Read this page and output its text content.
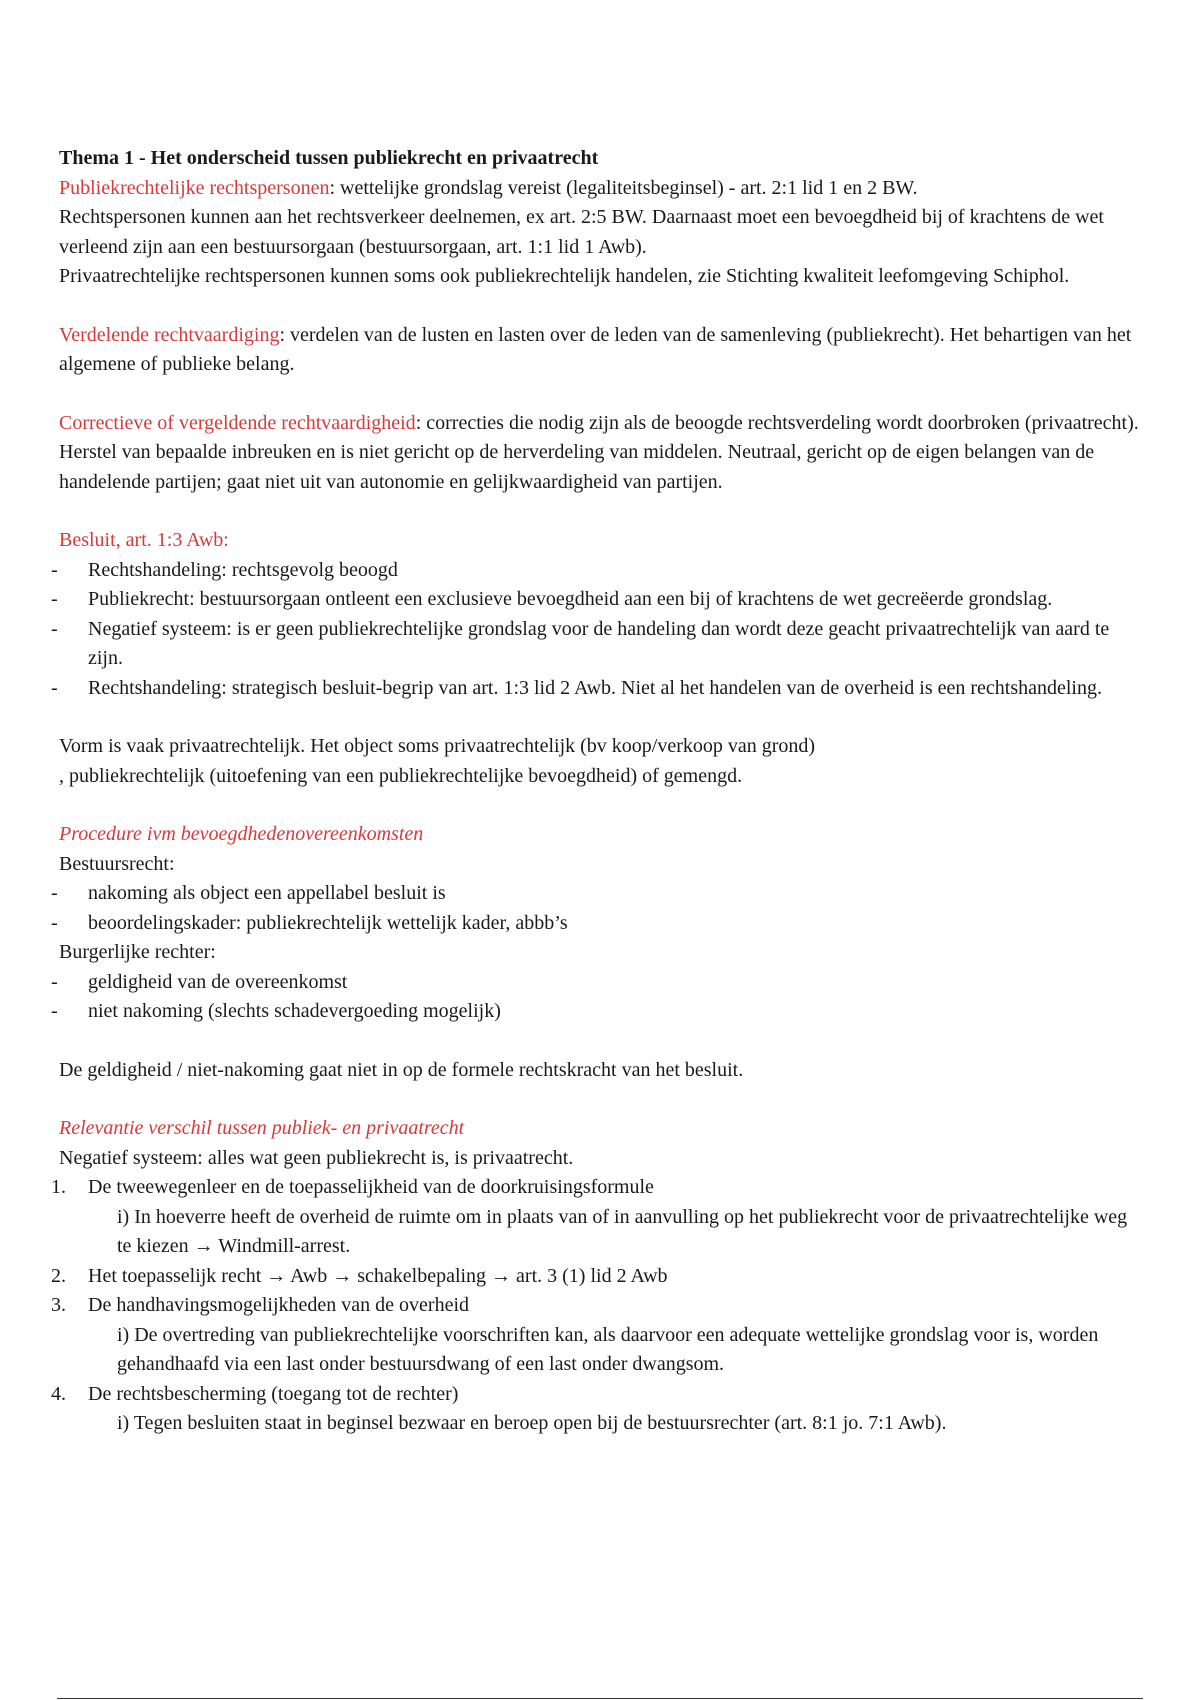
Thema 1 - Het onderscheid tussen publiekrecht en privaatrecht

Publiekrechtelijke rechtspersonen: wettelijke grondslag vereist (legaliteitsbeginsel) - art. 2:1 lid 1 en 2 BW.

Rechtspersonen kunnen aan het rechtsverkeer deelnemen, ex art. 2:5 BW. Daarnaast moet een bevoegdheid bij of krachtens de wet verleend zijn aan een bestuursorgaan (bestuursorgaan, art. 1:1 lid 1 Awb).

Privaatrechtelijke rechtspersonen kunnen soms ook publiekrechtelijk handelen, zie Stichting kwaliteit leefomgeving Schiphol.

Verdelende rechtvaardiging: verdelen van de lusten en lasten over de leden van de samenleving (publiekrecht). Het behartigen van het algemene of publieke belang.

Correctieve of vergeldende rechtvaardigheid: correcties die nodig zijn als de beoogde rechtsverdeling wordt doorbroken (privaatrecht). Herstel van bepaalde inbreuken en is niet gericht op de herverdeling van middelen. Neutraal, gericht op de eigen belangen van de handelende partijen; gaat niet uit van autonomie en gelijkwaardigheid van partijen.

Besluit, art. 1:3 Awb:

- Rechtshandeling: rechtsgevolg beoogd
- Publiekrecht: bestuursorgaan ontleent een exclusieve bevoegdheid aan een bij of krachtens de wet gecreëerde grondslag.
- Negatief systeem: is er geen publiekrechtelijke grondslag voor de handeling dan wordt deze geacht privaatrechtelijk van aard te zijn.
- Rechtshandeling: strategisch besluit-begrip van art. 1:3 lid 2 Awb. Niet al het handelen van de overheid is een rechtshandeling.

Vorm is vaak privaatrechtelijk. Het object soms privaatrechtelijk (bv koop/verkoop van grond)

, publiekrechtelijk (uitoefening van een publiekrechtelijke bevoegdheid) of gemengd.

Procedure ivm bevoegdhedenovereenkomsten

Bestuursrecht:

- nakoming als object een appellabel besluit is
- beoordelingskader: publiekrechtelijk wettelijk kader, abbb’s

Burgerlijke rechter:

- geldigheid van de overeenkomst
- niet nakoming (slechts schadevergoeding mogelijk)

De geldigheid / niet-nakoming gaat niet in op de formele rechtskracht van het besluit.

Relevantie verschil tussen publiek- en privaatrecht

Negatief systeem: alles wat geen publiekrecht is, is privaatrecht.

1. De tweewegenleer en de toepasselijkheid van de doorkruisingsformule
i) In hoeverre heeft de overheid de ruimte om in plaats van of in aanvulling op het publiekrecht voor de privaatrechtelijke weg te kiezen → Windmill-arrest.
2. Het toepasselijk recht → Awb → schakelbepaling → art. 3 (1) lid 2 Awb
3. De handhavingsmogelijkheden van de overheid
i) De overtreding van publiekrechtelijke voorschriften kan, als daarvoor een adequate wettelijke grondslag voor is, worden gehandhaafd via een last onder bestuursdwang of een last onder dwangsom.
4. De rechtsbescherming (toegang tot de rechter)
i) Tegen besluiten staat in beginsel bezwaar en beroep open bij de bestuursrechter (art. 8:1 jo. 7:1 Awb).
